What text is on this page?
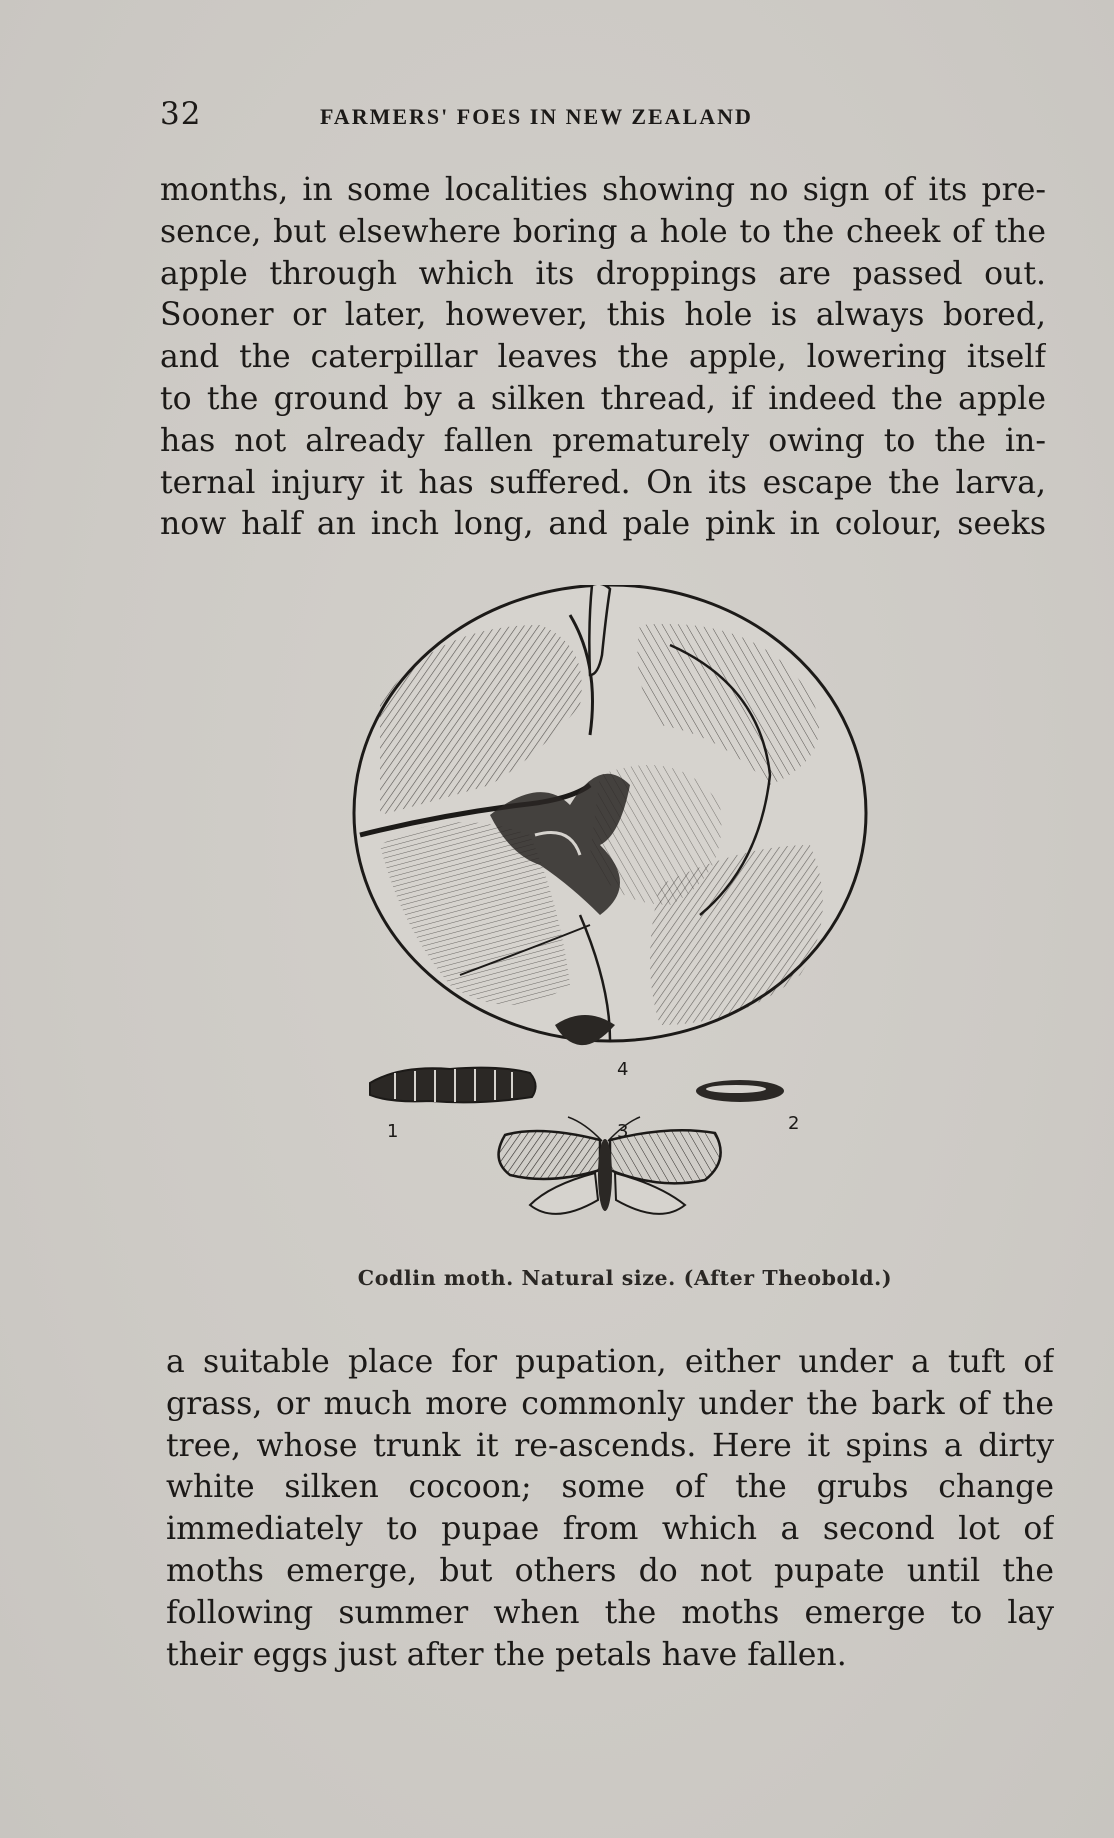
32	FARMERS' FOES IN NEW ZEALAND
months, in some localities showing no sign of its pre-
sence, but elsewhere boring a hole to the cheek of the
apple through which its droppings are passed out.
Sooner or later, however, this hole is always bored,
and the caterpillar leaves the apple, lowering itself
to the ground by a silken thread, if indeed the apple
has not already fallen prematurely owing to the in-
ternal injury it has suffered. On its escape the larva,
now half an inch long, and pale pink in colour, seeks
1	2
3
4
Codlin moth. Natural size. (After Theobold.)
a suitable place for pupation, either under a tuft of
grass, or much more commonly under the bark of the
tree, whose trunk it re-ascends. Here it spins a dirty
white silken cocoon; some of the grubs change
immediately to pupae from which a second lot of
moths emerge, but others do not pupate until the
following summer when the moths emerge to lay
their eggs just after the petals have fallen.
